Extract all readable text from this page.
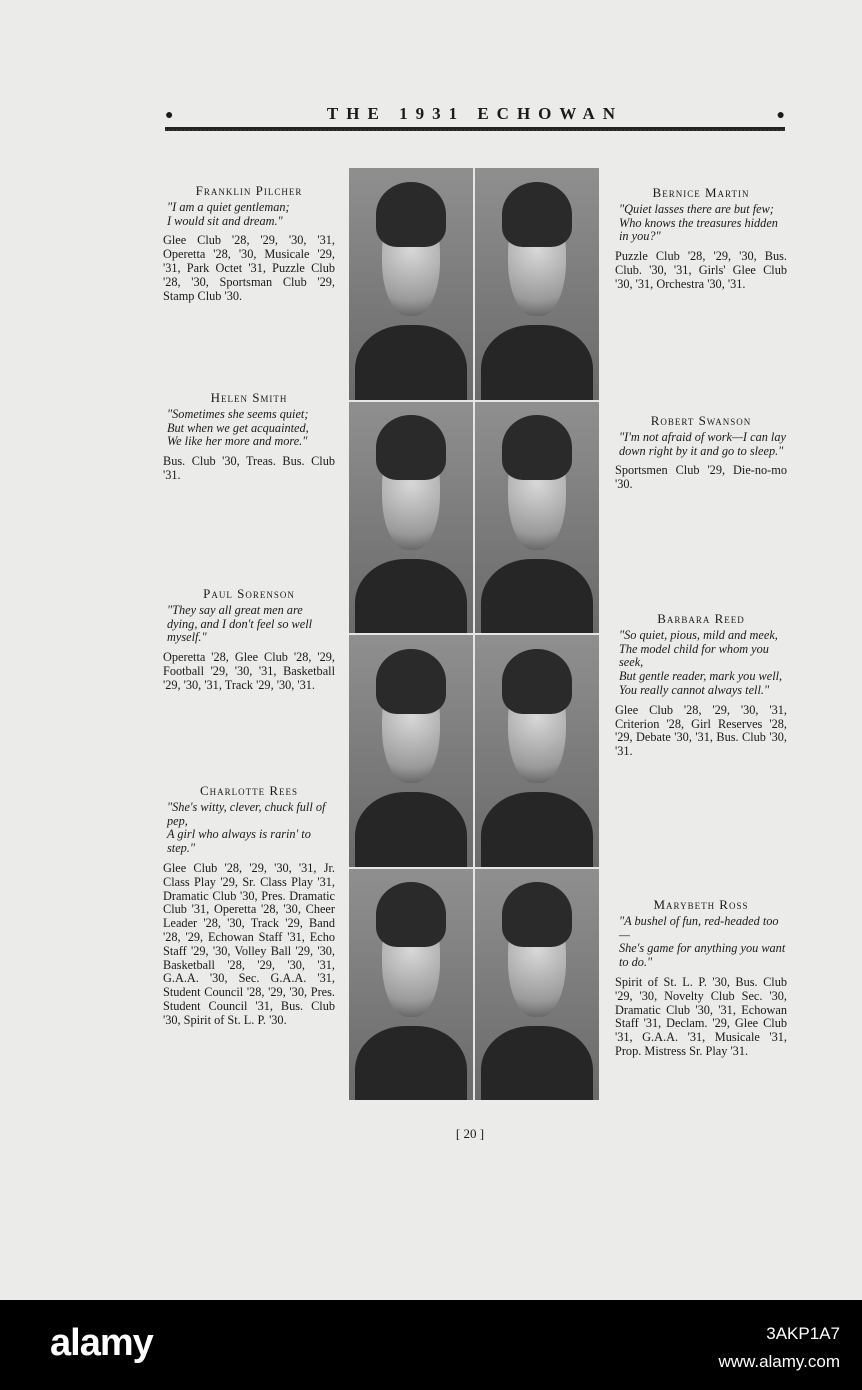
●	THE 1931 ECHOWAN	●
Franklin Pilcher
"I am a quiet gentleman;
I would sit and dream."
Glee Club '28, '29, '30, '31, Operetta '28, '30, Musicale '29, '31, Park Octet '31, Puzzle Club '28, '30, Sportsman Club '29, Stamp Club '30.
Helen Smith
"Sometimes she seems quiet;
But when we get acquainted,
We like her more and more."
Bus. Club '30, Treas. Bus. Club '31.
Paul Sorenson
"They say all great men are dying, and I don't feel so well myself."
Operetta '28, Glee Club '28, '29, Football '29, '30, '31, Basketball '29, '30, '31, Track '29, '30, '31.
Charlotte Rees
"She's witty, clever, chuck full of pep,
A girl who always is rarin' to step."
Glee Club '28, '29, '30, '31, Jr. Class Play '29, Sr. Class Play '31, Dramatic Club '30, Pres. Dramatic Club '31, Operetta '28, '30, Cheer Leader '28, '30, Track '29, Band '28, '29, Echowan Staff '31, Echo Staff '29, '30, Volley Ball '29, '30, Basketball '28, '29, '30, '31, G.A.A. '30, Sec. G.A.A. '31, Student Council '28, '29, '30, Pres. Student Council '31, Bus. Club '30, Spirit of St. L. P. '30.
Bernice Martin
"Quiet lasses there are but few;
Who knows the treasures hidden in you?"
Puzzle Club '28, '29, '30, Bus. Club. '30, '31, Girls' Glee Club '30, '31, Orchestra '30, '31.
Robert Swanson
"I'm not afraid of work—I can lay down right by it and go to sleep."
Sportsmen Club '29, Die-no-mo '30.
Barbara Reed
"So quiet, pious, mild and meek,
The model child for whom you seek,
But gentle reader, mark you well,
You really cannot always tell."
Glee Club '28, '29, '30, '31, Criterion '28, Girl Reserves '28, '29, Debate '30, '31, Bus. Club '30, '31.
Marybeth Ross
"A bushel of fun, red-headed too—
She's game for anything you want to do."
Spirit of St. L. P. '30, Bus. Club '29, '30, Novelty Club Sec. '30, Dramatic Club '30, '31, Echowan Staff '31, Declam. '29, Glee Club '31, G.A.A. '31, Musicale '31, Prop. Mistress Sr. Play '31.
[ 20 ]
alamy	3AKP1A7
www.alamy.com
